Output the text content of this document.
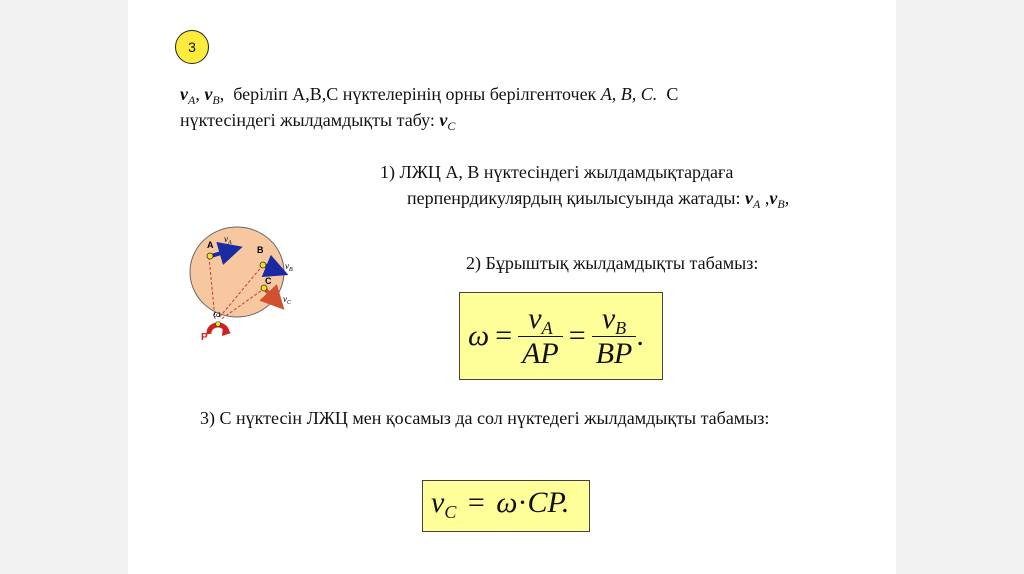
3
$v_A$, $v_B$,  берілiп А,В,С нүктелерінің орны берілгенточек A, B, C. С
нүктесіндегі жылдамдықты табу: $v_C$
1) ЛЖЦ А, В нүктесіндегі жылдамдықтардаға
перпенрдикулярдың қиылысуында жатады: $v_A$ $,v_B$,
2) Бұрыштық жылдамдықты табамыз:
$\omega = \frac{v_A}{AP} = \frac{v_B}{BP}$ .
3) С нүктесін ЛЖЦ мен қосамыз да сол нүктедегі жылдамдықты табамыз:
$v_C = \omega\cdot CP$.
A	B
C
$v_A$
$v_B$
$v_C$
ω
P
